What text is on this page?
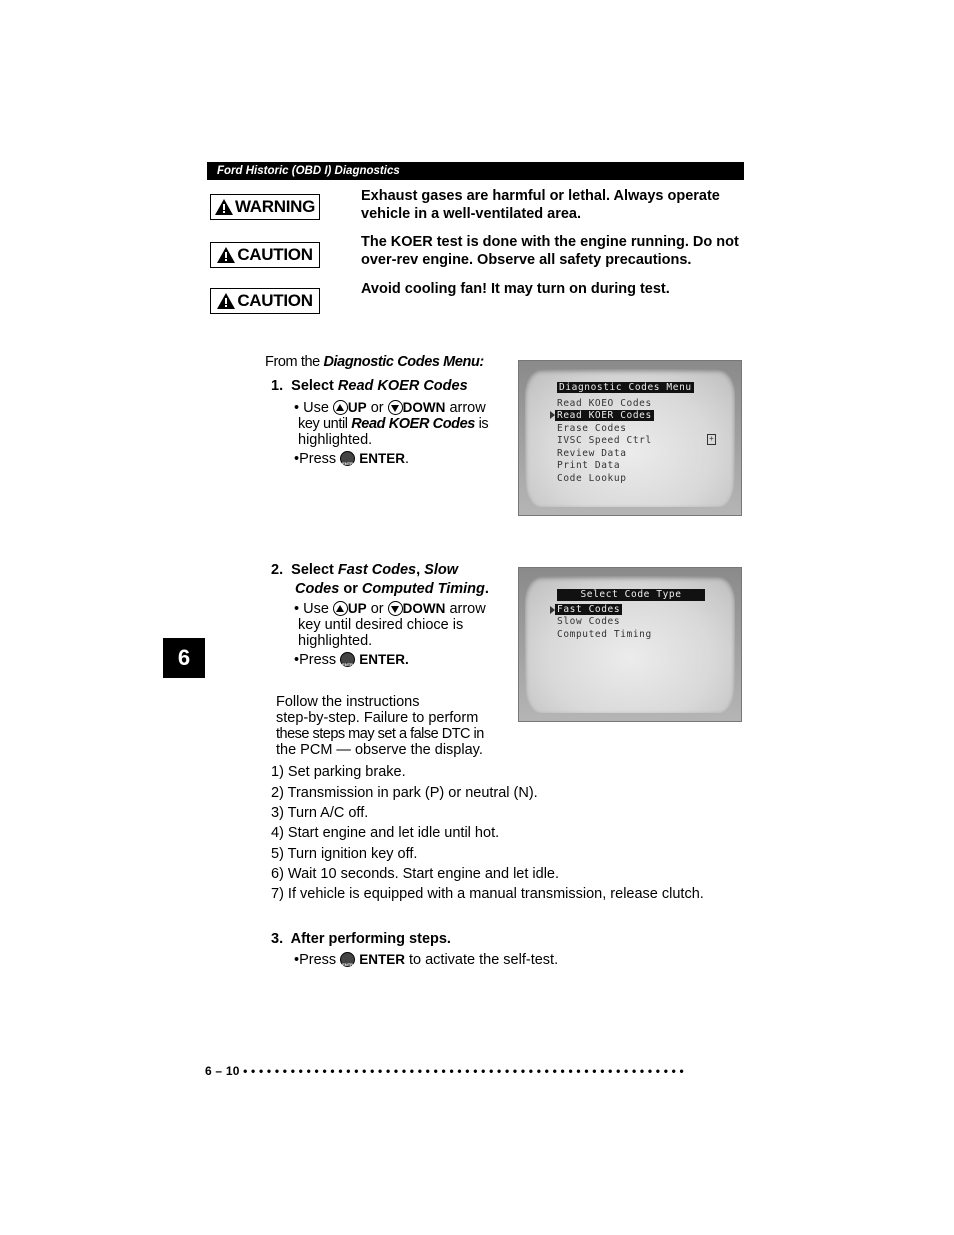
Ford Historic (OBD I) Diagnostics
WARNING
Exhaust gases are harmful or lethal. Always operate vehicle in a well-ventilated area.
CAUTION
The KOER test is done with the engine running. Do not over-rev engine. Observe all safety precautions.
CAUTION
Avoid cooling fan! It may turn on during test.
From the Diagnostic Codes Menu:
1. Select Read KOER Codes
• Use UP or DOWN arrow
key until Read KOER Codes is
highlighted.
•Press ENTR ENTER.
Diagnostic Codes Menu
Read KOEO Codes
Read KOER Codes
Erase Codes
IVSC Speed Ctrl
Review Data
Print Data
Code Lookup
+
2. Select Fast Codes, Slow
Codes or Computed Timing.
• Use UP or DOWN arrow
key until desired chioce is
highlighted.
•Press ENTR ENTER.
Select Code Type
Fast Codes
Slow Codes
Computed Timing
6
Follow the instructions
step-by-step. Failure to perform
these steps may set a false DTC in
the PCM — observe the display.
1) Set parking brake.
2) Transmission in park (P) or neutral (N).
3) Turn A/C off.
4) Start engine and let idle until hot.
5) Turn ignition key off.
6) Wait 10 seconds. Start engine and let idle.
7) If vehicle is equipped with a manual transmission, release clutch.
3. After performing steps.
•Press ENTR ENTER to activate the self-test.
6 – 10 • • • • • • • • • • • • • • • • • • • • • • • • • • • • • • • • • • • • • • • • • • • • • • • • • • • • • • • •
